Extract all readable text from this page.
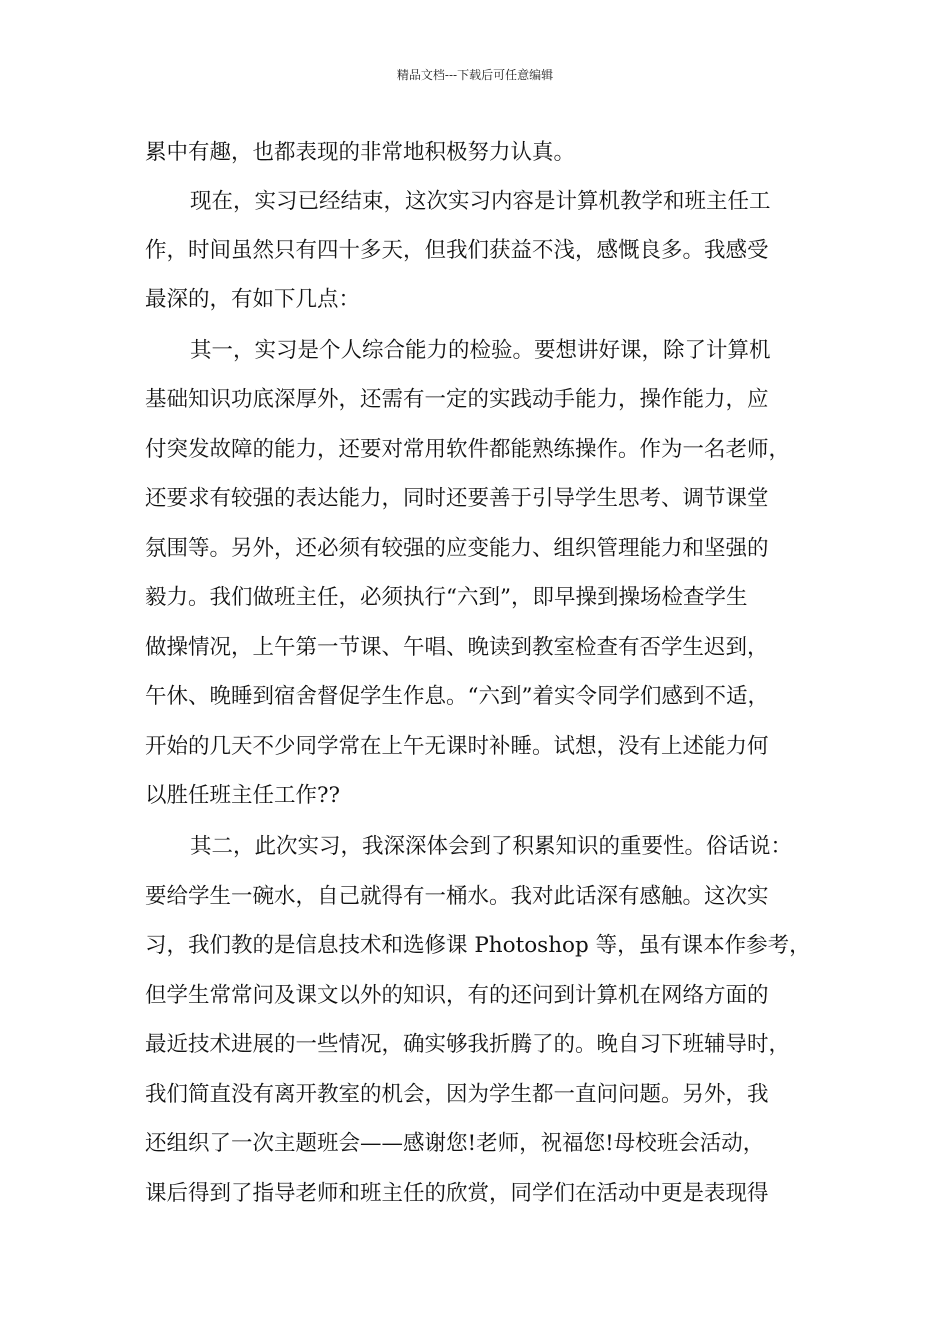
精品文档---下载后可任意编辑
累中有趣，也都表现的非常地积极努力认真。
现在，实习已经结束，这次实习内容是计算机教学和班主任工
作，时间虽然只有四十多天，但我们获益不浅，感慨良多。我感受
最深的，有如下几点：
其一，实习是个人综合能力的检验。要想讲好课，除了计算机
基础知识功底深厚外，还需有一定的实践动手能力，操作能力，应
付突发故障的能力，还要对常用软件都能熟练操作。作为一名老师，
还要求有较强的表达能力，同时还要善于引导学生思考、调节课堂
氛围等。另外，还必须有较强的应变能力、组织管理能力和坚强的
毅力。我们做班主任，必须执行“六到”，即早操到操场检查学生
做操情况，上午第一节课、午唱、晚读到教室检查有否学生迟到，
午休、晚睡到宿舍督促学生作息。“六到”着实令同学们感到不适，
开始的几天不少同学常在上午无课时补睡。试想，没有上述能力何
以胜任班主任工作??
其二，此次实习，我深深体会到了积累知识的重要性。俗话说：
要给学生一碗水，自己就得有一桶水。我对此话深有感触。这次实
习，我们教的是信息技术和选修课 Photoshop 等，虽有课本作参考，
但学生常常问及课文以外的知识，有的还问到计算机在网络方面的
最近技术进展的一些情况，确实够我折腾了的。晚自习下班辅导时，
我们简直没有离开教室的机会，因为学生都一直问问题。另外，我
还组织了一次主题班会——感谢您!老师，祝福您!母校班会活动，
课后得到了指导老师和班主任的欣赏，同学们在活动中更是表现得
